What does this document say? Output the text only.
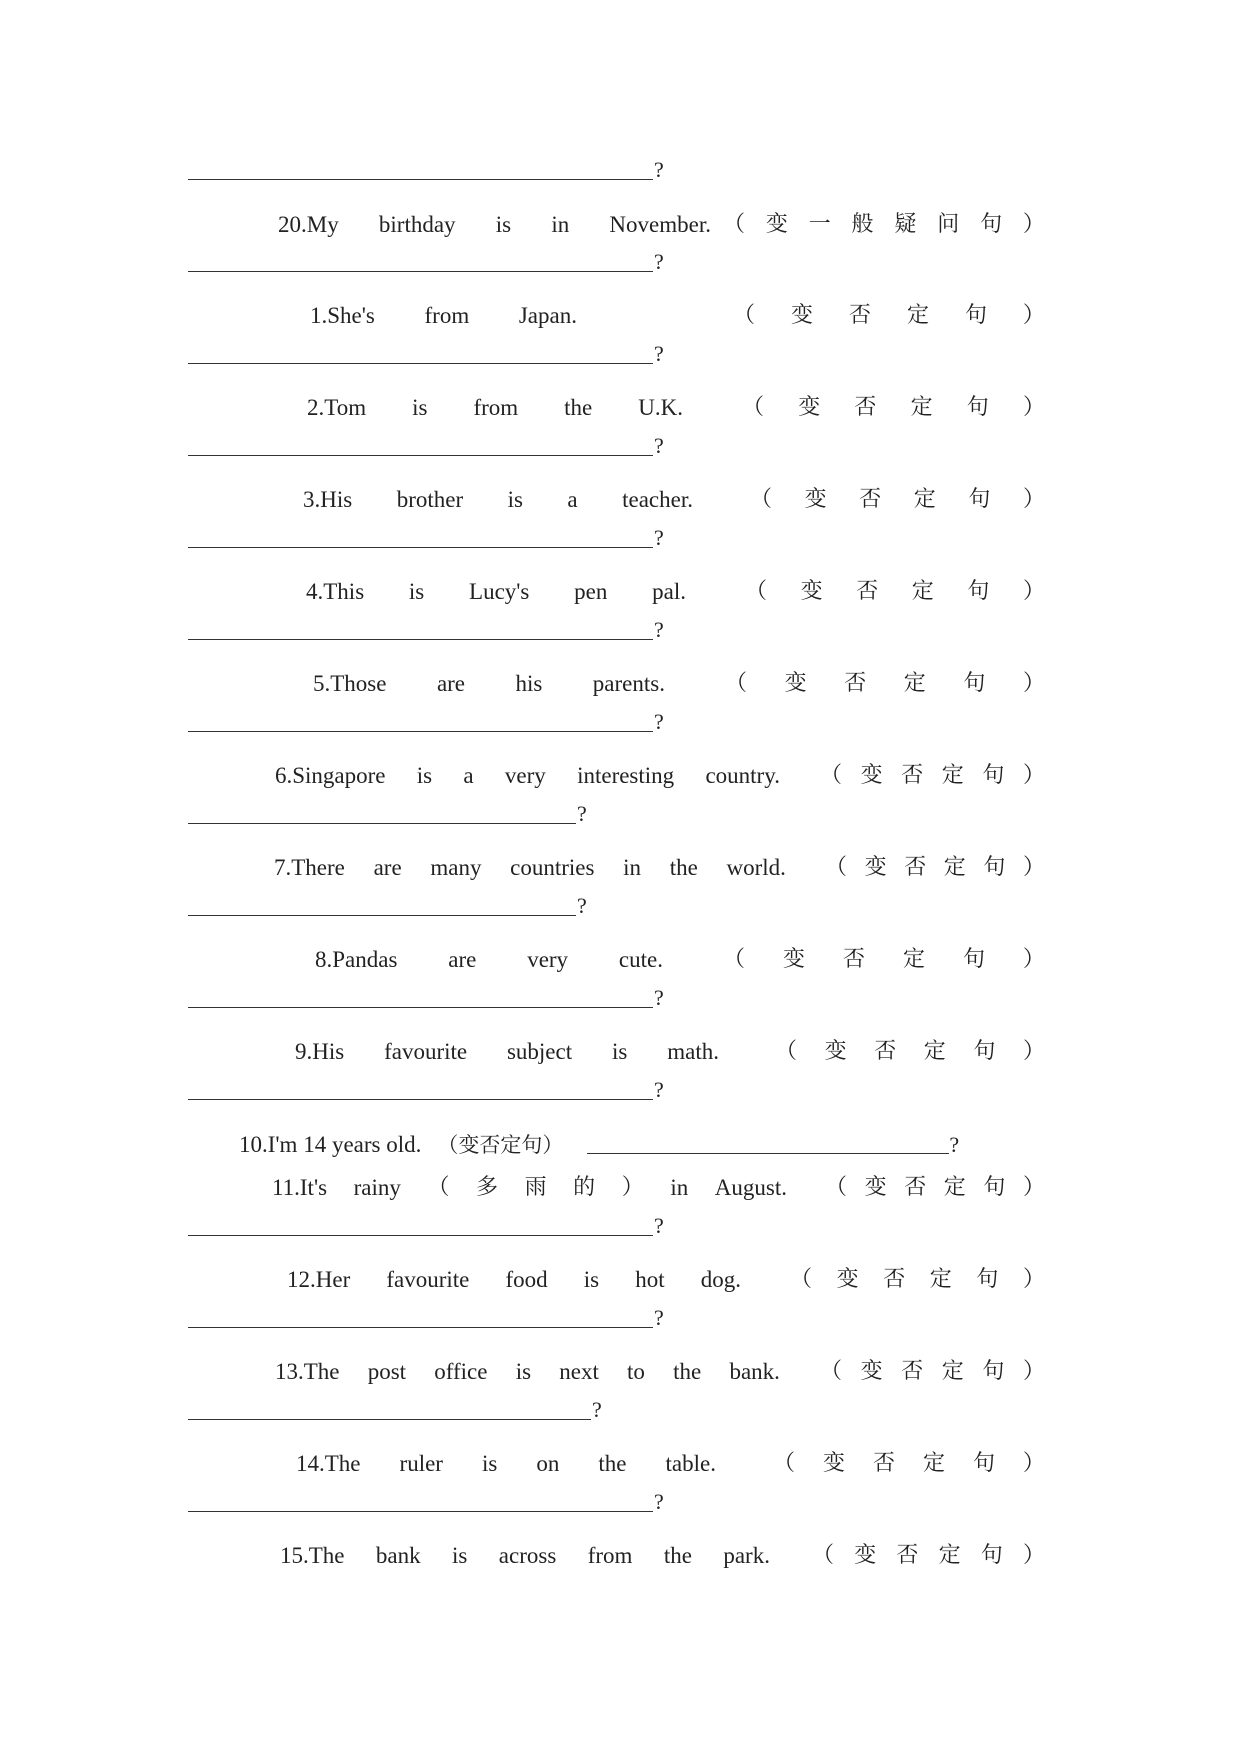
?
20.My birthday is in November. （ 变 一 般 疑 问 句 ）
?
1.She's from Japan.	（ 变 否 定 句 ）
?
2.Tom is from the U.K.	（ 变 否 定 句 ）
?
3.His brother is a teacher.	（ 变 否 定 句 ）
?
4.This is Lucy's pen pal.	（ 变 否 定 句 ）
?
5.Those are his parents.	（ 变 否 定 句 ）
?
6.Singapore is a very interesting country. （ 变 否 定 句 ）
?
7.There are many countries in the world. （ 变 否 定 句 ）
?
8.Pandas are very cute.	（ 变 否 定 句 ）
?
9.His favourite subject is math.	（ 变 否 定 句 ）
?
10.I'm 14 years old. （变否定句）	?
11.It's rainy （ 多 雨 的 ） in August. （ 变 否 定 句 ）
?
12.Her favourite food is hot dog. （ 变 否 定 句 ）
?
13.The post office is next to the bank. （ 变 否 定 句 ）
?
14.The ruler is on the table.	（ 变 否 定 句 ）
?
15.The bank is across from the park. （ 变 否 定 句 ）
